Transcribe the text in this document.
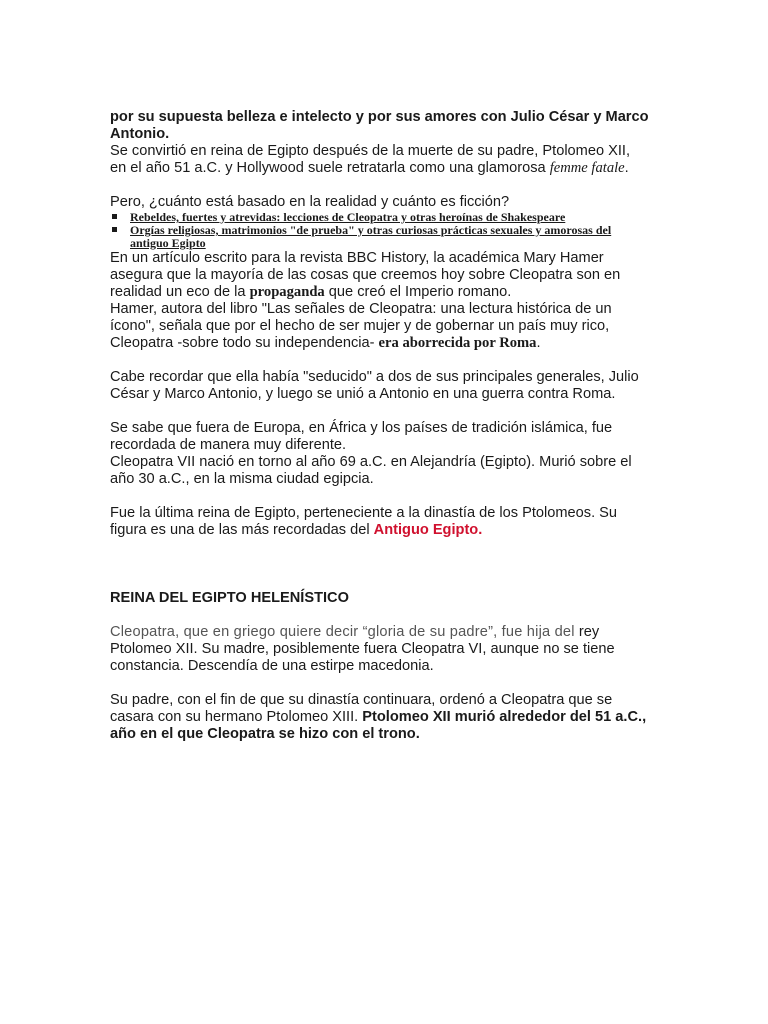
por su supuesta belleza e intelecto y por sus amores con Julio César y Marco Antonio.

Se convirtió en reina de Egipto después de la muerte de su padre, Ptolomeo XII, en el año 51 a.C. y Hollywood suele retratarla como una glamorosa femme fatale.

Pero, ¿cuánto está basado en la realidad y cuánto es ficción?

Rebeldes, fuertes y atrevidas: lecciones de Cleopatra y otras heroínas de Shakespeare
Orgías religiosas, matrimonios "de prueba" y otras curiosas prácticas sexuales y amorosas del antiguo Egipto

En un artículo escrito para la revista BBC History, la académica Mary Hamer asegura que la mayoría de las cosas que creemos hoy sobre Cleopatra son en realidad un eco de la propaganda que creó el Imperio romano.

Hamer, autora del libro "Las señales de Cleopatra: una lectura histórica de un ícono", señala que por el hecho de ser mujer y de gobernar un país muy rico, Cleopatra -sobre todo su independencia- era aborrecida por Roma.

Cabe recordar que ella había "seducido" a dos de sus principales generales, Julio César y Marco Antonio, y luego se unió a Antonio en una guerra contra Roma.

Se sabe que fuera de Europa, en África y los países de tradición islámica, fue recordada de manera muy diferente.

Cleopatra VII nació en torno al año 69 a.C. en Alejandría (Egipto). Murió sobre el año 30 a.C., en la misma ciudad egipcia.

Fue la última reina de Egipto, perteneciente a la dinastía de los Ptolomeos. Su figura es una de las más recordadas del Antiguo Egipto.

REINA DEL EGIPTO HELENÍSTICO

Cleopatra, que en griego quiere decir “gloria de su padre”, fue hija del rey Ptolomeo XII. Su madre, posiblemente fuera Cleopatra VI, aunque no se tiene constancia. Descendía de una estirpe macedonia.

Su padre, con el fin de que su dinastía continuara, ordenó a Cleopatra que se casara con su hermano Ptolomeo XIII. Ptolomeo XII murió alrededor del 51 a.C., año en el que Cleopatra se hizo con el trono.
